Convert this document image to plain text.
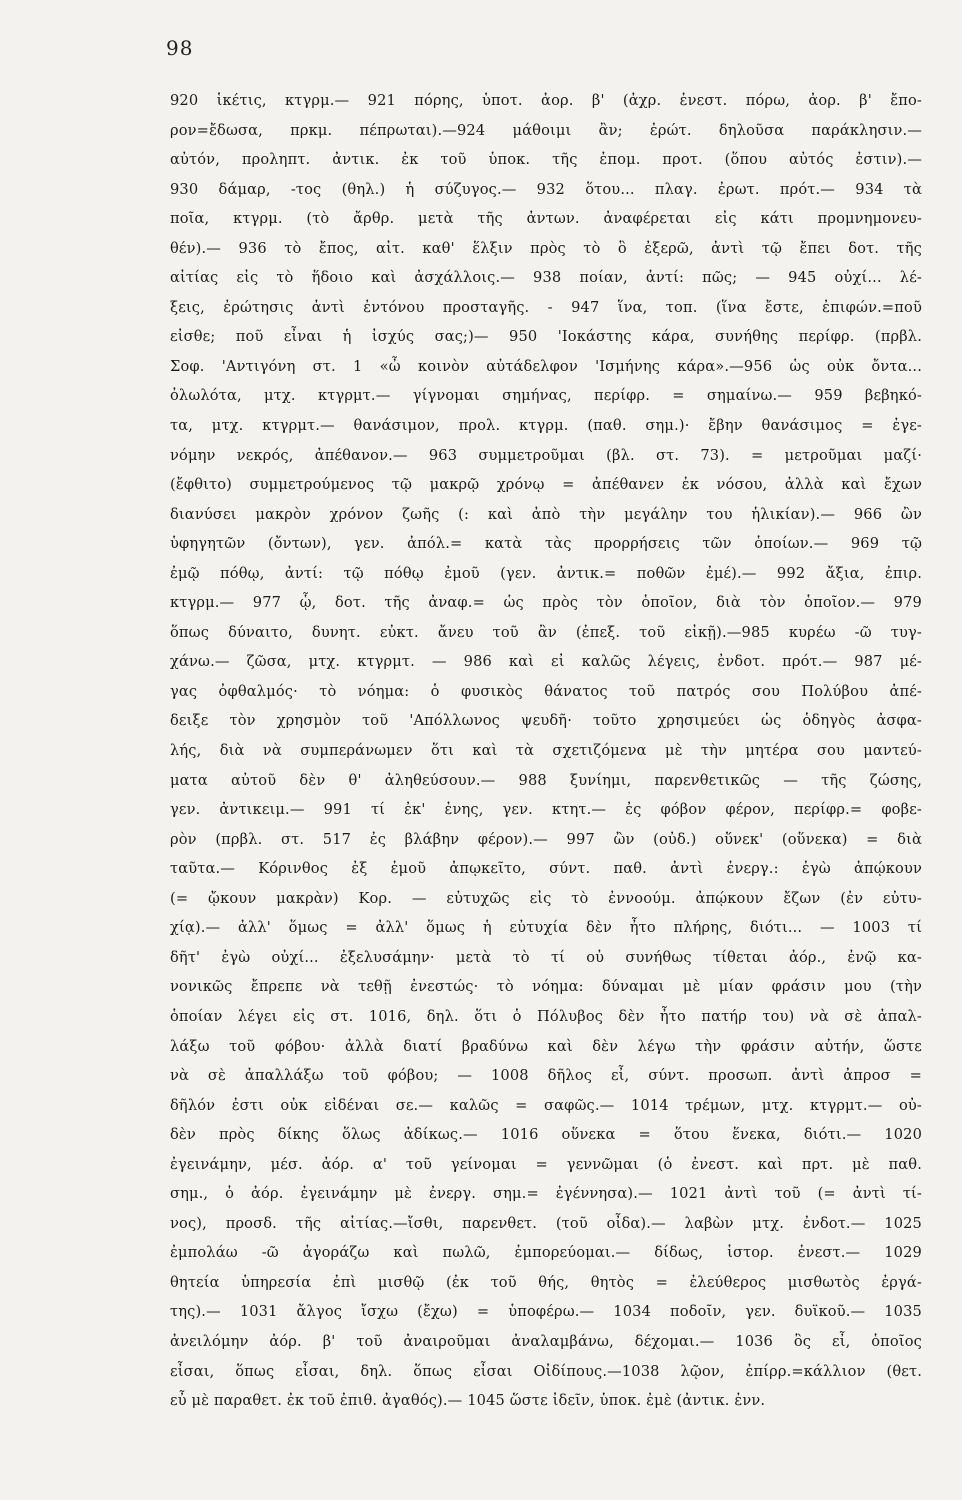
98
920 ἱκέτις, κτγρμ.— 921 πόρης, ὑποτ. ἀορ. β' (ἀχρ. ἐνεστ. πόρω, ἀορ. β' ἔπο-
ρον=ἔδωσα, πρκμ. πέπρωται).—924 μάθοιμι ἂν; ἐρώτ. δηλοῦσα παράκλησιν.—
αὐτόν, προληπτ. ἀντικ. ἐκ τοῦ ὑποκ. τῆς ἐπομ. προτ. (ὅπου αὐτός ἐστιν).—
930 δάμαρ, -τος (θηλ.) ἡ σύζυγος.— 932 ὅτου... πλαγ. ἐρωτ. πρότ.— 934 τὰ
ποῖα, κτγρμ. (τὸ ἄρθρ. μετὰ τῆς ἀντων. ἀναφέρεται εἰς κάτι προμνημονευ-
θέν).— 936 τὸ ἔπος, αἰτ. καθ' ἕλξιν πρὸς τὸ ὃ ἐξερῶ, ἀντὶ τῷ ἔπει δοτ. τῆς
αἰτίας εἰς τὸ ἥδοιο καὶ ἀσχάλλοις.— 938 ποίαν, ἀντί: πῶς; — 945 οὐχί... λέ-
ξεις, ἐρώτησις ἀντὶ ἐντόνου προσταγῆς. - 947 ἵνα, τοπ. (ἵνα ἔστε, ἐπιφών.=ποῦ
εἰσθε; ποῦ εἶναι ἡ ἰσχύς σας;)— 950 'Ιοκάστης κάρα, συνήθης περίφρ. (πρβλ.
Σοφ. 'Αντιγόνη στ. 1 «ὦ κοινὸν αὐτάδελφον 'Ισμήνης κάρα».—956 ὡς οὐκ ὄντα...
ὀλωλότα, μτχ. κτγρμτ.— γίγνομαι σημήνας, περίφρ. = σημαίνω.— 959 βεβηκό-
τα, μτχ. κτγρμτ.— θανάσιμον, προλ. κτγρμ. (παθ. σημ.)· ἔβην θανάσιμος = ἐγε-
νόμην νεκρός, ἀπέθανον.— 963 συμμετροῦμαι (βλ. στ. 73). = μετροῦμαι μαζί·
(ἔφθιτο) συμμετρούμενος τῷ μακρῷ χρόνῳ = ἀπέθανεν ἐκ νόσου, ἀλλὰ καὶ ἔχων
διανύσει μακρὸν χρόνον ζωῆς (: καὶ ἀπὸ τὴν μεγάλην του ἡλικίαν).— 966 ὢν
ὑφηγητῶν (ὄντων), γεν. ἀπόλ.= κατὰ τὰς προρρήσεις τῶν ὁποίων.— 969 τῷ
ἐμῷ πόθῳ, ἀντί: τῷ πόθῳ ἐμοῦ (γεν. ἀντικ.= ποθῶν ἐμέ).— 992 ἄξια, ἐπιρ.
κτγρμ.— 977 ᾧ, δοτ. τῆς ἀναφ.= ὡς πρὸς τὸν ὁποῖον, διὰ τὸν ὁποῖον.— 979
ὅπως δύναιτο, δυνητ. εὐκτ. ἄνευ τοῦ ἂν (ἐπεξ. τοῦ εἰκῇ).—985 κυρέω -ῶ τυγ-
χάνω.— ζῶσα, μτχ. κτγρμτ. — 986 καὶ εἰ καλῶς λέγεις, ἐνδοτ. πρότ.— 987 μέ-
γας ὀφθαλμός· τὸ νόημα: ὁ φυσικὸς θάνατος τοῦ πατρός σου Πολύβου ἀπέ-
δειξε τὸν χρησμὸν τοῦ 'Απόλλωνος ψευδῆ· τοῦτο χρησιμεύει ὡς ὁδηγὸς ἀσφα-
λής, διὰ νὰ συμπεράνωμεν ὅτι καὶ τὰ σχετιζόμενα μὲ τὴν μητέρα σου μαντεύ-
ματα αὐτοῦ δὲν θ' ἀληθεύσουν.— 988 ξυνίημι, παρενθετικῶς — τῆς ζώσης,
γεν. ἀντικειμ.— 991 τί ἐκ' ἐνης, γεν. κτητ.— ἐς φόβον φέρον, περίφρ.= φοβε-
ρὸν (πρβλ. στ. 517 ἐς βλάβην φέρον).— 997 ὢν (οὐδ.) οὕνεκ' (οὕνεκα) = διὰ
ταῦτα.— Κόρινθος ἐξ ἐμοῦ ἀπῳκεῖτο, σύντ. παθ. ἀντὶ ἐνεργ.: ἐγὼ ἀπῴκουν
(= ᾤκουν μακρὰν) Κορ. — εὐτυχῶς εἰς τὸ ἐννοούμ. ἀπῴκουν ἔζων (ἐν εὐτυ-
χίᾳ).— ἀλλ' ὅμως = ἀλλ' ὅμως ἡ εὐτυχία δὲν ἦτο πλήρης, διότι... — 1003 τί
δῆτ' ἐγὼ οὐχί... ἐξελυσάμην· μετὰ τὸ τί οὐ συνήθως τίθεται ἀόρ., ἐνῷ κα-
νονικῶς ἔπρεπε νὰ τεθῇ ἐνεστώς· τὸ νόημα: δύναμαι μὲ μίαν φράσιν μου (τὴν
ὁποίαν λέγει εἰς στ. 1016, δηλ. ὅτι ὁ Πόλυβος δὲν ἦτο πατήρ του) νὰ σὲ ἀπαλ-
λάξω τοῦ φόβου· ἀλλὰ διατί βραδύνω καὶ δὲν λέγω τὴν φράσιν αὐτήν, ὥστε
νὰ σὲ ἀπαλλάξω τοῦ φόβου; — 1008 δῆλος εἶ, σύντ. προσωπ. ἀντὶ ἀπροσ =
δῆλόν ἐστι οὐκ εἰδέναι σε.— καλῶς = σαφῶς.— 1014 τρέμων, μτχ. κτγρμτ.— οὐ-
δὲν πρὸς δίκης ὅλως ἀδίκως.— 1016 οὕνεκα = ὅτου ἕνεκα, διότι.— 1020
ἐγεινάμην, μέσ. ἀόρ. α' τοῦ γείνομαι = γεννῶμαι (ὁ ἐνεστ. καὶ πρτ. μὲ παθ.
σημ., ὁ ἀόρ. ἐγεινάμην μὲ ἐνεργ. σημ.= ἐγέννησα).— 1021 ἀντὶ τοῦ (= ἀντὶ τί-
νος), προσδ. τῆς αἰτίας.—ἴσθι, παρενθετ. (τοῦ οἶδα).— λαβὼν μτχ. ἐνδοτ.— 1025
ἐμπολάω -ῶ ἀγοράζω καὶ πωλῶ, ἐμπορεύομαι.— δίδως, ἱστορ. ἐνεστ.— 1029
θητεία ὑπηρεσία ἐπὶ μισθῷ (ἐκ τοῦ θής, θητὸς = ἐλεύθερος μισθωτὸς ἐργά-
της).— 1031 ἄλγος ἴσχω (ἔχω) = ὑποφέρω.— 1034 ποδοῖν, γεν. δυϊκοῦ.— 1035
ἀνειλόμην ἀόρ. β' τοῦ ἀναιροῦμαι ἀναλαμβάνω, δέχομαι.— 1036 ὃς εἶ, ὁποῖος
εἶσαι, ὅπως εἶσαι, δηλ. ὅπως εἶσαι Οἰδίπους.—1038 λῷον, ἐπίρρ.=κάλλιον (θετ.
εὖ μὲ παραθετ. ἐκ τοῦ ἐπιθ. ἀγαθός).— 1045 ὥστε ἰδεῖν, ὑποκ. ἐμὲ (ἀντικ. ἐνν.
